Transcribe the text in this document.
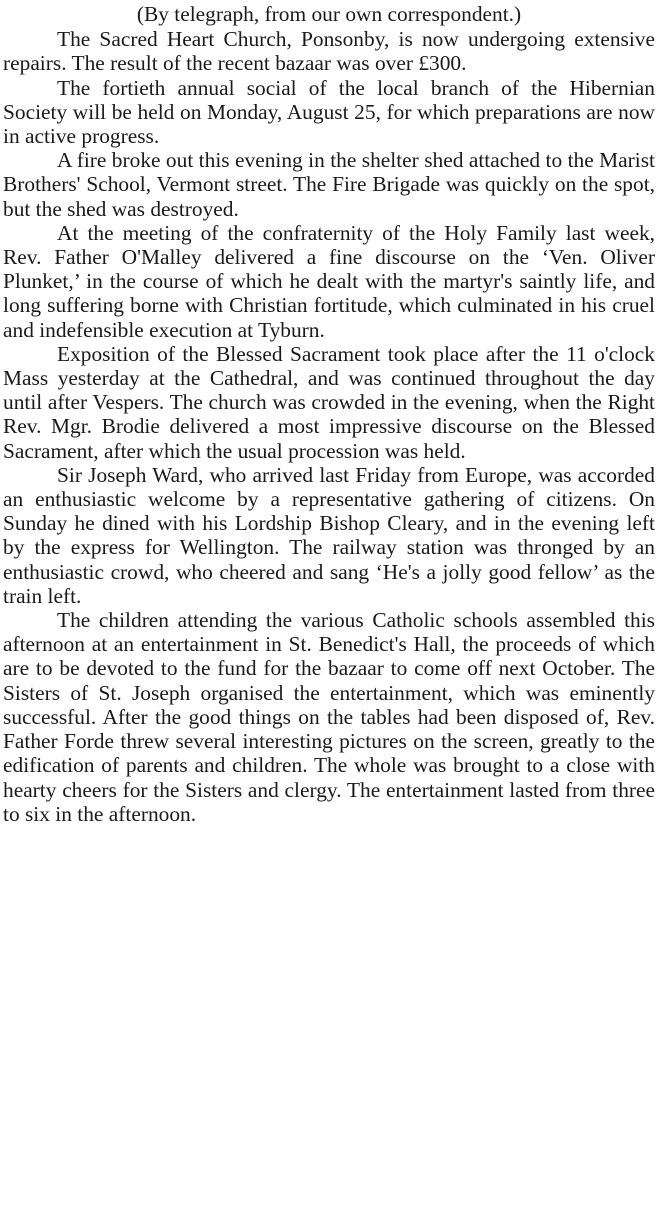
(By telegraph, from our own correspondent.)

The Sacred Heart Church, Ponsonby, is now undergoing extensive repairs. The result of the recent bazaar was over £300.

The fortieth annual social of the local branch of the Hibernian Society will be held on Monday, August 25, for which preparations are now in active progress.

A fire broke out this evening in the shelter shed attached to the Marist Brothers' School, Vermont street. The Fire Brigade was quickly on the spot, but the shed was destroyed.

At the meeting of the confraternity of the Holy Family last week, Rev. Father O'Malley delivered a fine discourse on the ‘Ven. Oliver Plunket,’ in the course of which he dealt with the martyr's saintly life, and long suffering borne with Christian fortitude, which culminated in his cruel and indefensible execution at Tyburn.

Exposition of the Blessed Sacrament took place after the 11 o'clock Mass yesterday at the Cathedral, and was continued throughout the day until after Vespers. The church was crowded in the evening, when the Right Rev. Mgr. Brodie delivered a most impressive discourse on the Blessed Sacrament, after which the usual procession was held.

Sir Joseph Ward, who arrived last Friday from Europe, was accorded an enthusiastic welcome by a representative gathering of citizens. On Sunday he dined with his Lordship Bishop Cleary, and in the evening left by the express for Wellington. The railway station was thronged by an enthusiastic crowd, who cheered and sang ‘He's a jolly good fellow’ as the train left.

The children attending the various Catholic schools assembled this afternoon at an entertainment in St. Benedict's Hall, the proceeds of which are to be devoted to the fund for the bazaar to come off next October. The Sisters of St. Joseph organised the entertainment, which was eminently successful. After the good things on the tables had been disposed of, Rev. Father Forde threw several interesting pictures on the screen, greatly to the edification of parents and children. The whole was brought to a close with hearty cheers for the Sisters and clergy. The entertainment lasted from three to six in the afternoon.
